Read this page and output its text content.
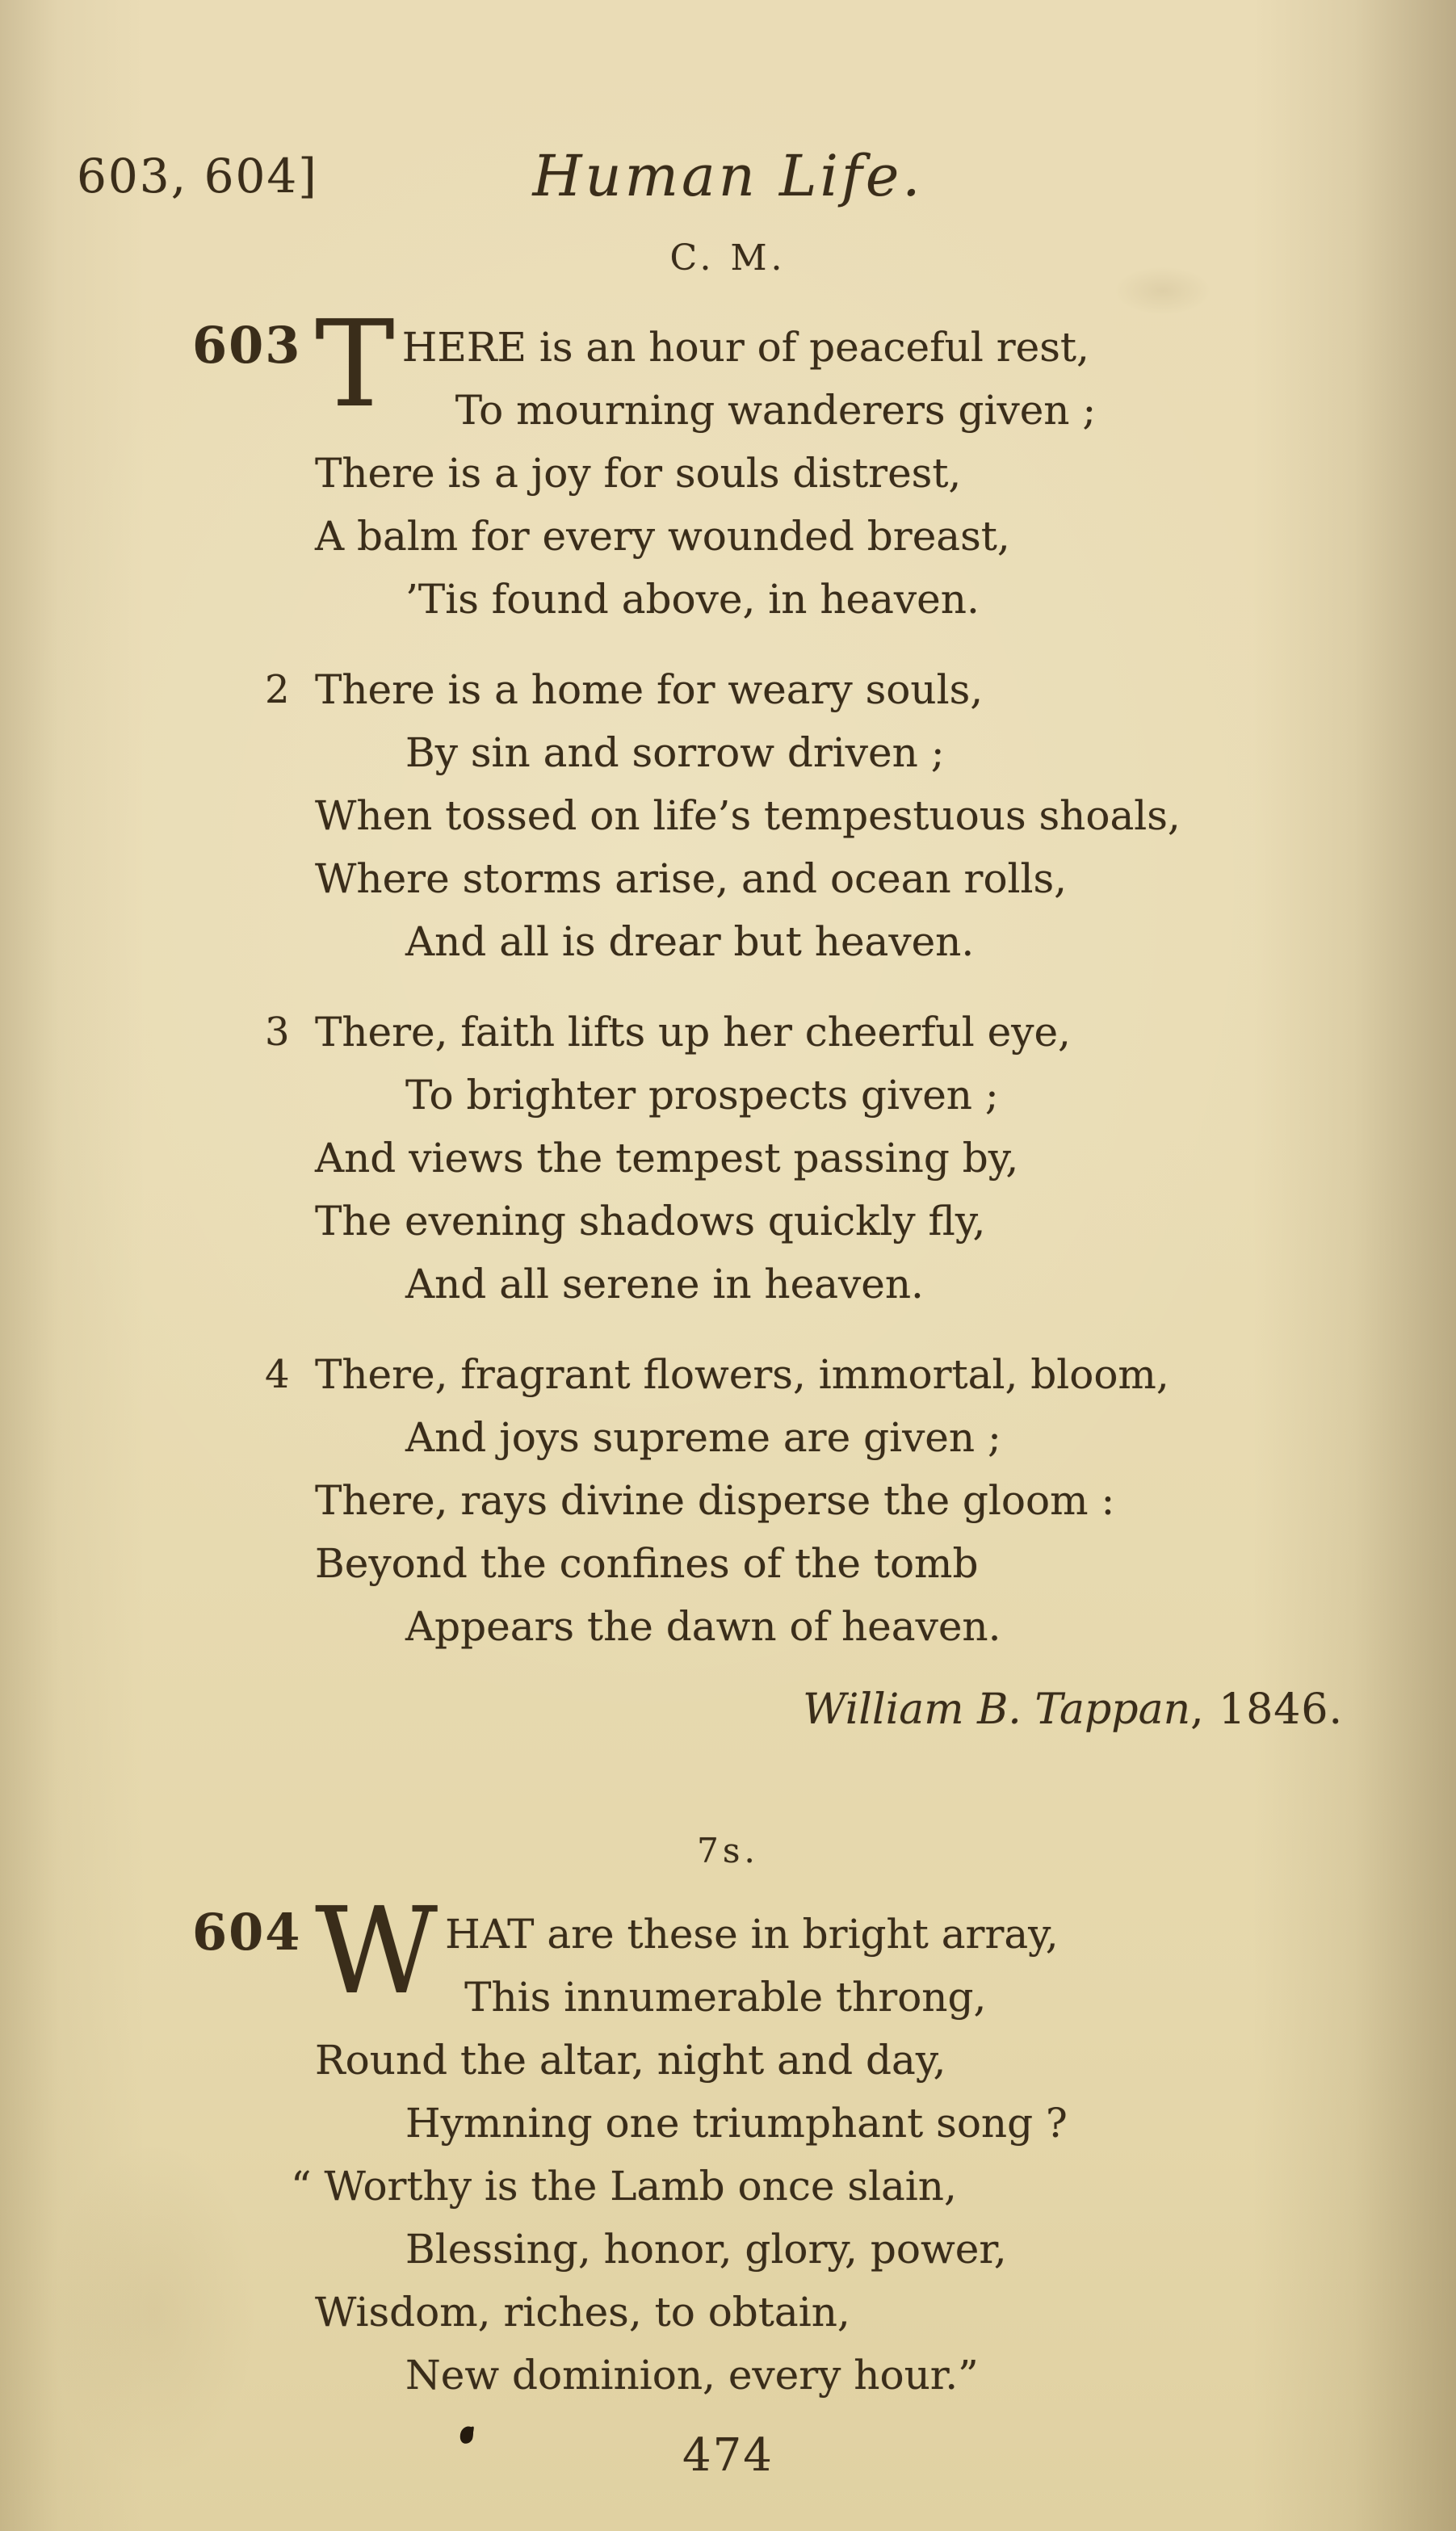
603, 604]	Human Life.
C. M.
603 T HERE is an hour of peaceful rest,
To mourning wanderers given ;
There is a joy for souls distrest,
A balm for every wounded breast,
’Tis found above, in heaven.
2 There is a home for weary souls,
By sin and sorrow driven ;
When tossed on life’s tempestuous shoals,
Where storms arise, and ocean rolls,
And all is drear but heaven.
3 There, faith lifts up her cheerful eye,
To brighter prospects given ;
And views the tempest passing by,
The evening shadows quickly fly,
And all serene in heaven.
4 There, fragrant flowers, immortal, bloom,
And joys supreme are given ;
There, rays divine disperse the gloom :
Beyond the confines of the tomb
Appears the dawn of heaven.
William B. Tappan, 1846.
7s.
604 W HAT are these in bright array,
This innumerable throng,
Round the altar, night and day,
Hymning one triumphant song ?
“ Worthy is the Lamb once slain,
Blessing, honor, glory, power,
Wisdom, riches, to obtain,
New dominion, every hour.”
474
